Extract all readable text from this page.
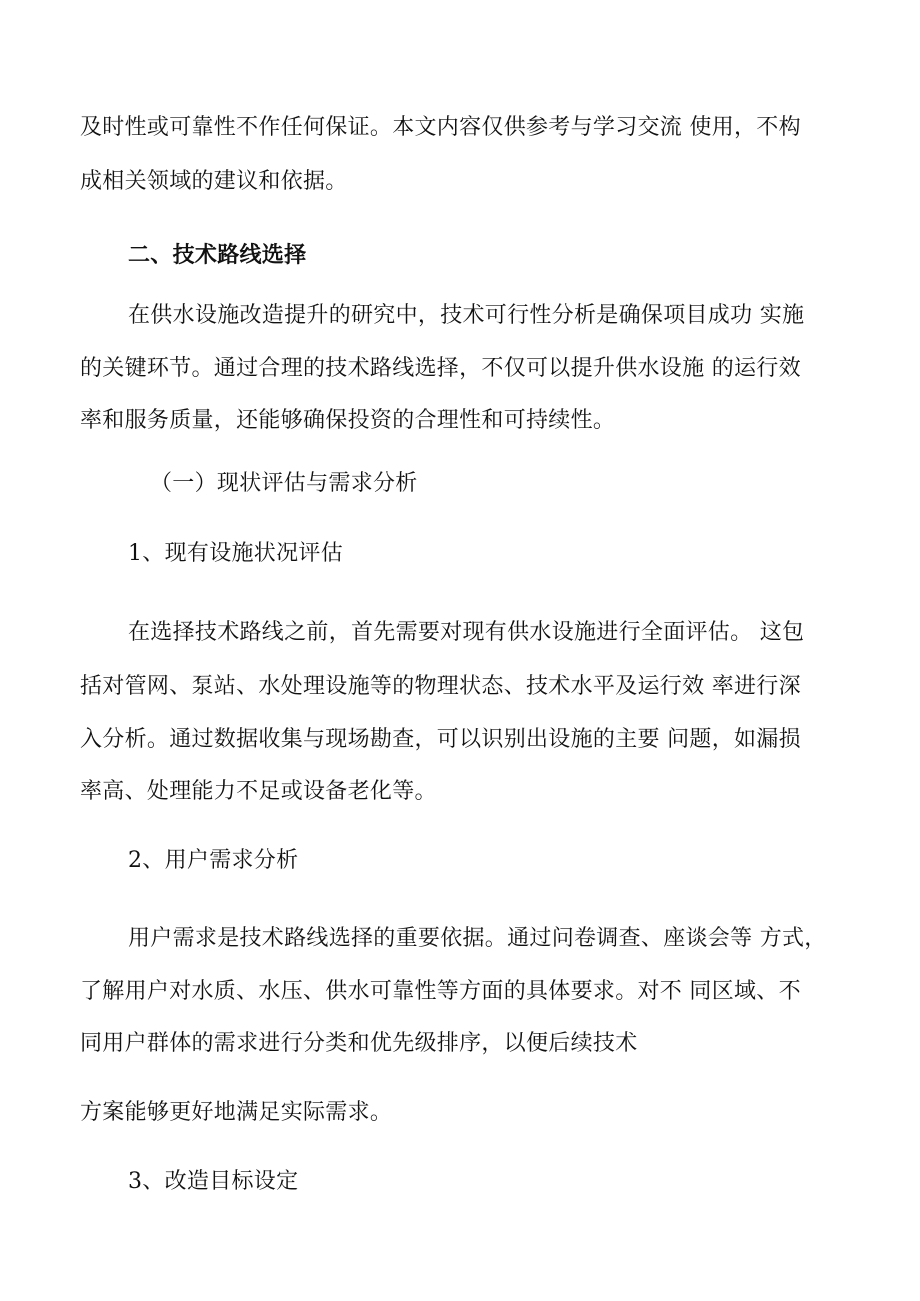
及时性或可靠性不作任何保证。本文内容仅供参考与学习交流 使用，不构
成相关领域的建议和依据。
二、技术路线选择
在供水设施改造提升的研究中，技术可行性分析是确保项目成功 实施
的关键环节。通过合理的技术路线选择，不仅可以提升供水设施 的运行效
率和服务质量，还能够确保投资的合理性和可持续性。
（一）现状评估与需求分析
1、现有设施状况评估
在选择技术路线之前，首先需要对现有供水设施进行全面评估。 这包
括对管网、泵站、水处理设施等的物理状态、技术水平及运行效 率进行深
入分析。通过数据收集与现场勘查，可以识别出设施的主要 问题，如漏损
率高、处理能力不足或设备老化等。
2、用户需求分析
用户需求是技术路线选择的重要依据。通过问卷调查、座谈会等 方式，
了解用户对水质、水压、供水可靠性等方面的具体要求。对不 同区域、不
同用户群体的需求进行分类和优先级排序，以便后续技术
方案能够更好地满足实际需求。
3、改造目标设定
